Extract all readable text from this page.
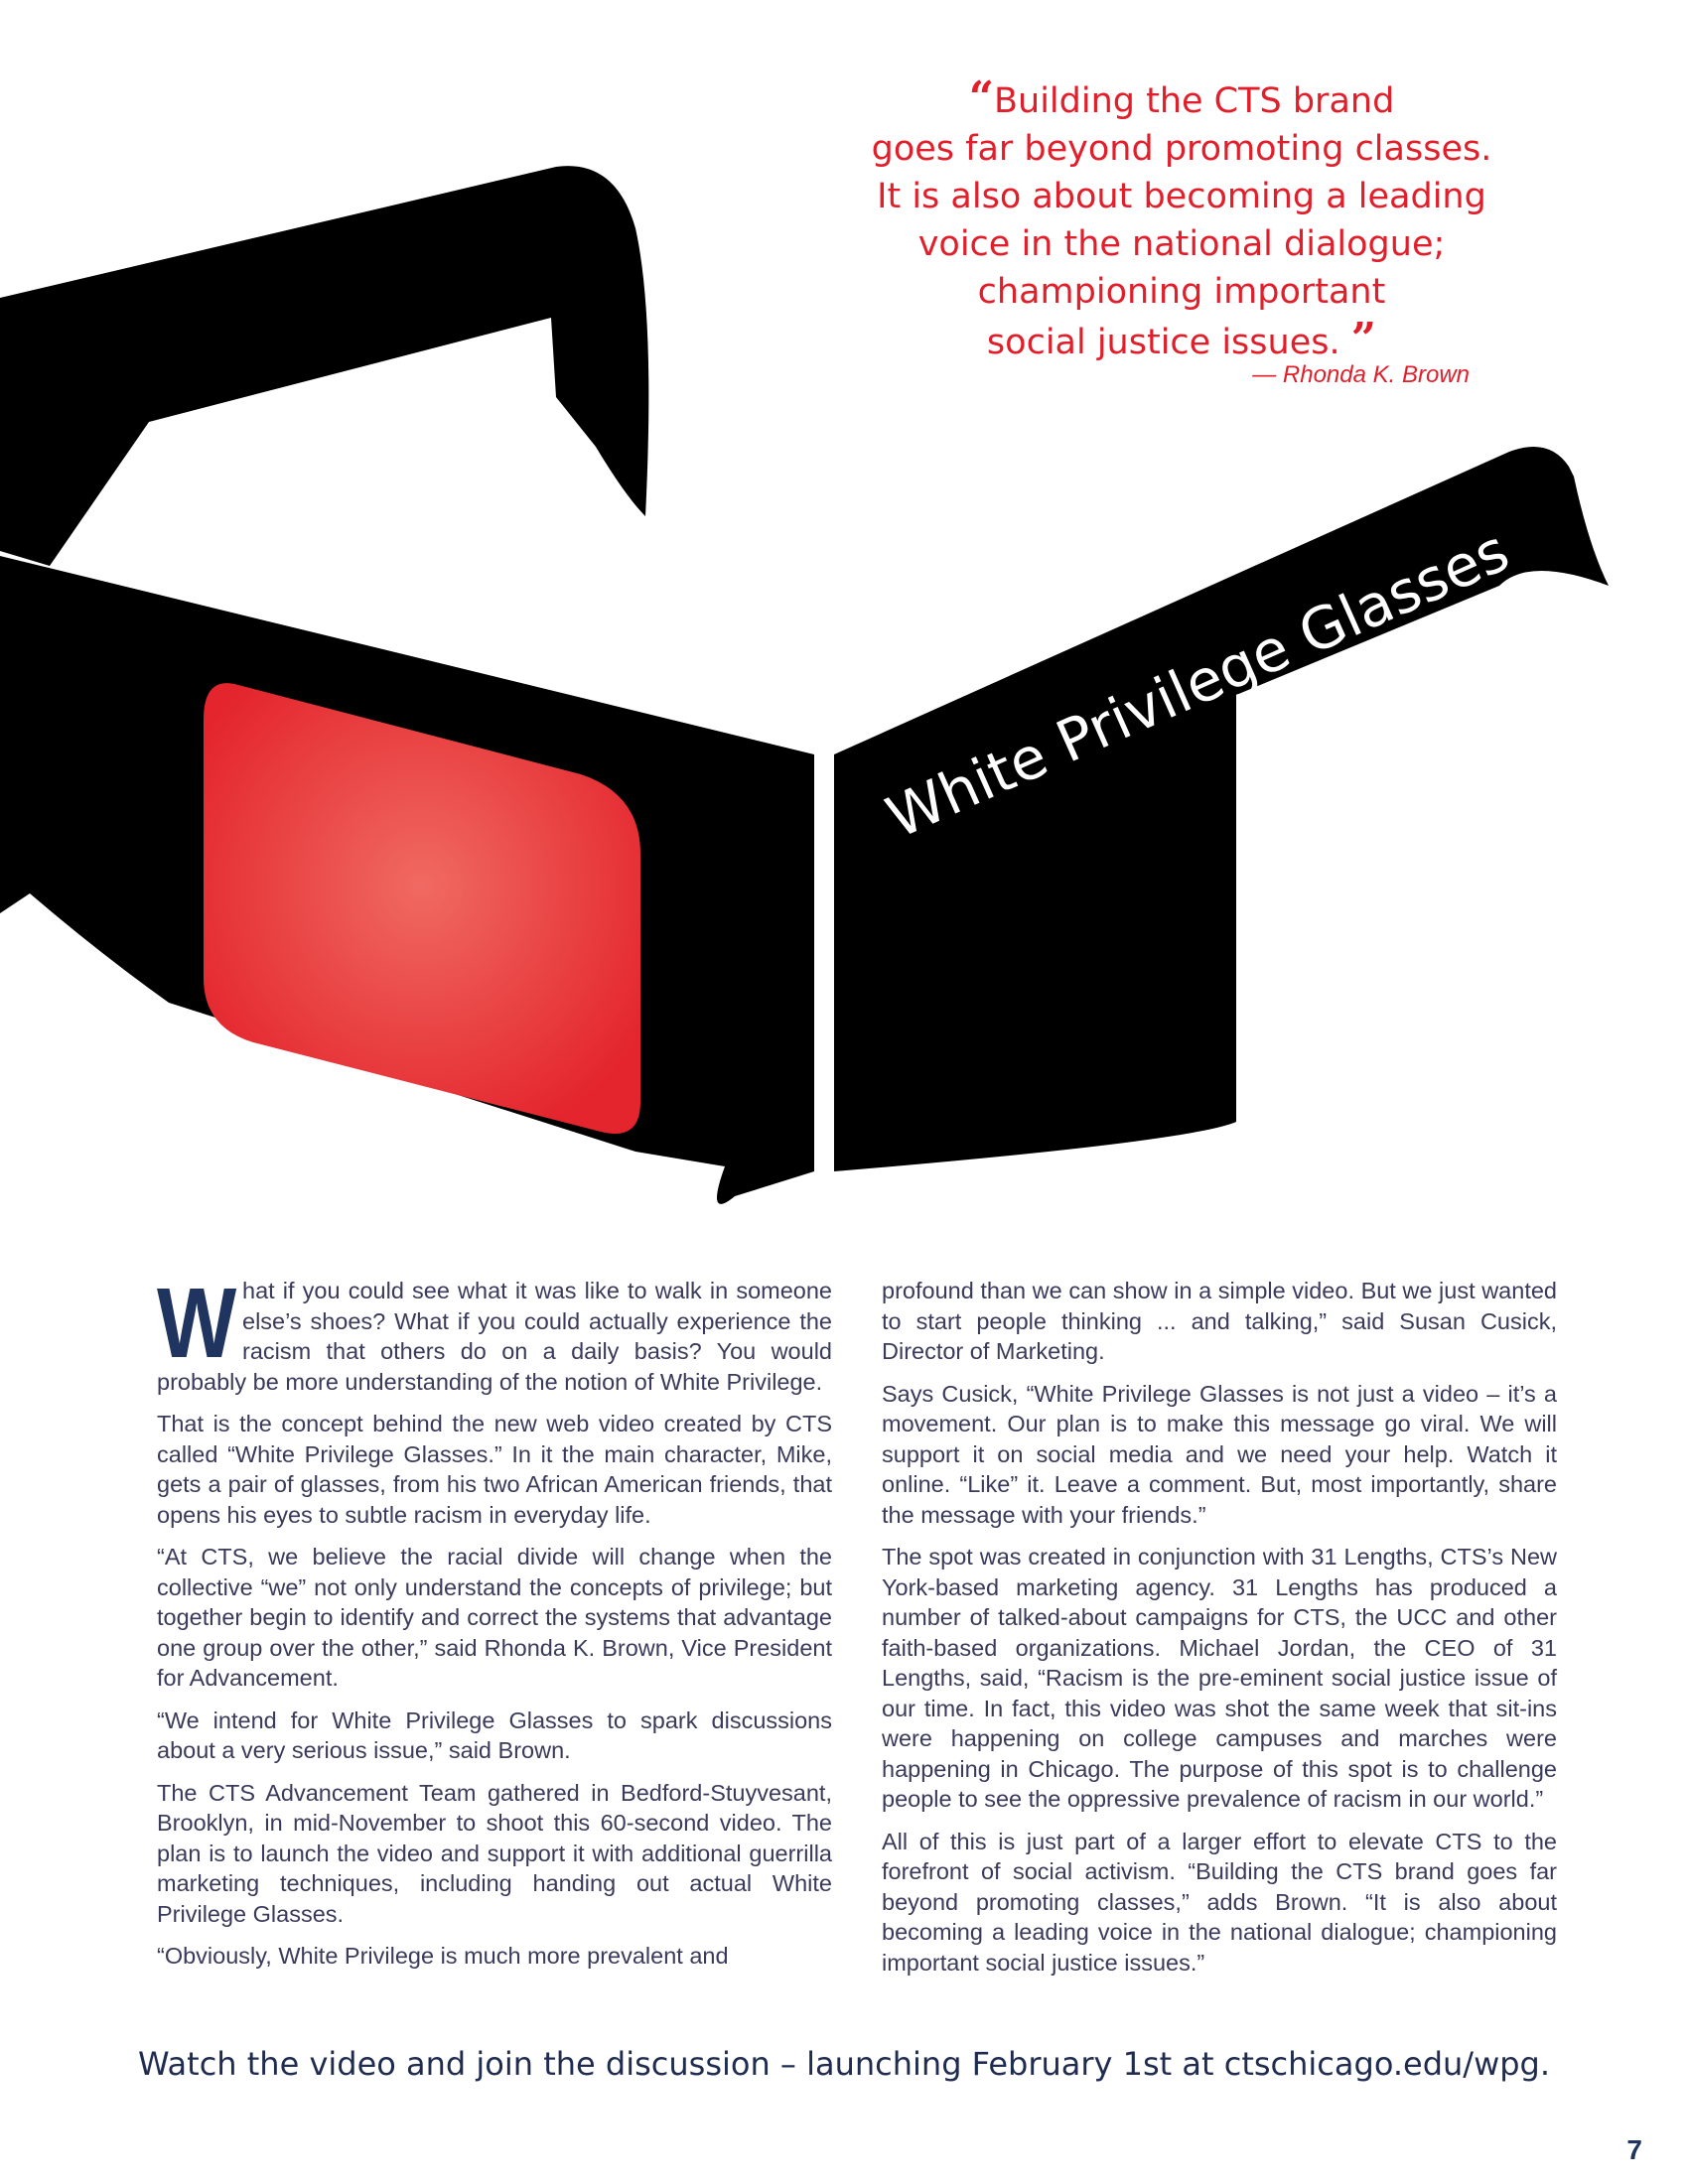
White Privilege Glasses
“Building the CTS brand
goes far beyond promoting classes.
It is also about becoming a leading
voice in the national dialogue;
championing important
social justice issues. ”
— Rhonda K. Brown

What if you could see what it was like to walk in someone else’s shoes? What if you could actually experience the racism that others do on a daily basis? You would probably be more understanding of the notion of White Privilege.

That is the concept behind the new web video created by CTS called “White Privilege Glasses.” In it the main character, Mike, gets a pair of glasses, from his two African American friends, that opens his eyes to subtle racism in everyday life.

“At CTS, we believe the racial divide will change when the collective “we” not only understand the concepts of privilege; but together begin to identify and correct the systems that advantage one group over the other,” said Rhonda K. Brown, Vice President for Advancement.

“We intend for White Privilege Glasses to spark discussions about a very serious issue,” said Brown.

The CTS Advancement Team gathered in Bedford-Stuyvesant, Brooklyn, in mid-November to shoot this 60-second video. The plan is to launch the video and support it with additional guerrilla marketing techniques, including handing out actual White Privilege Glasses.

“Obviously, White Privilege is much more prevalent and

profound than we can show in a simple video. But we just wanted to start people thinking ... and talking,” said Susan Cusick, Director of Marketing.

Says Cusick, “White Privilege Glasses is not just a video – it’s a movement. Our plan is to make this message go viral. We will support it on social media and we need your help. Watch it online. “Like” it. Leave a comment. But, most importantly, share the message with your friends.”

The spot was created in conjunction with 31 Lengths, CTS’s New York-based marketing agency. 31 Lengths has produced a number of talked-about campaigns for CTS, the UCC and other faith-based organizations. Michael Jordan, the CEO of 31 Lengths, said, “Racism is the pre-eminent social justice issue of our time. In fact, this video was shot the same week that sit-ins were happening on college campuses and marches were happening in Chicago. The purpose of this spot is to challenge people to see the oppressive prevalence of racism in our world.”

All of this is just part of a larger effort to elevate CTS to the forefront of social activism. “Building the CTS brand goes far beyond promoting classes,” adds Brown. “It is also about becoming a leading voice in the national dialogue; championing important social justice issues.”

Watch the video and join the discussion – launching February 1st at ctschicago.edu/wpg.
7
